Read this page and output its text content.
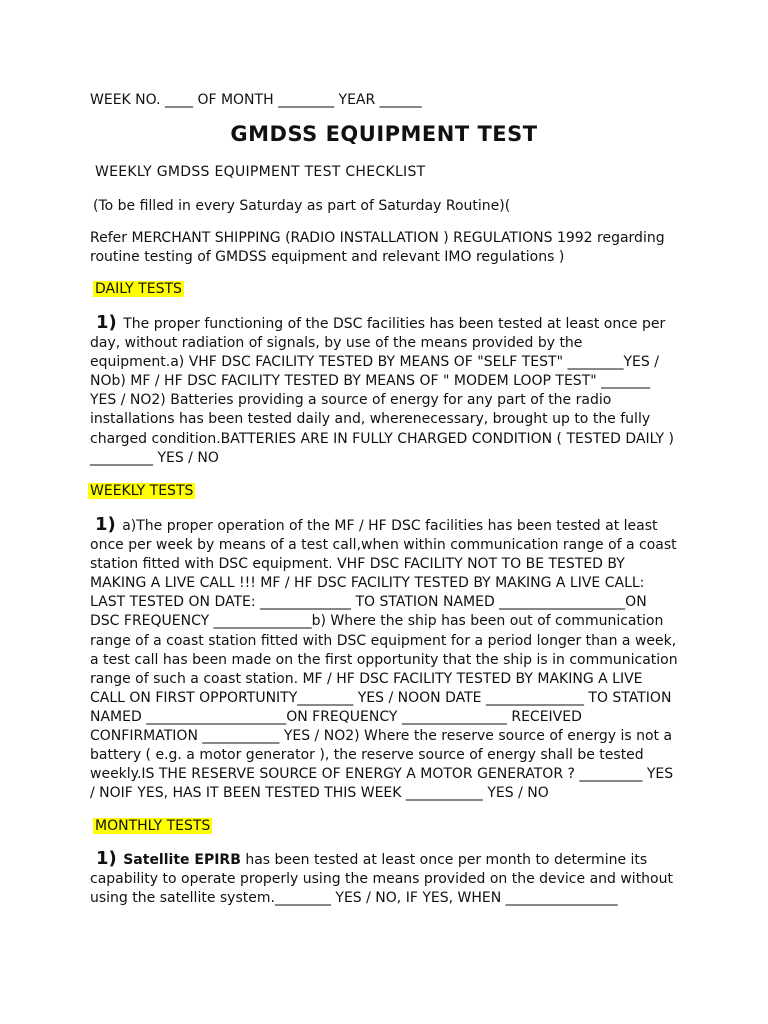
WEEK NO. ____ OF MONTH ________ YEAR ______
GMDSS EQUIPMENT TEST
WEEKLY GMDSS EQUIPMENT TEST CHECKLIST
(To be filled in every Saturday as part of Saturday Routine)(
Refer MERCHANT SHIPPING (RADIO INSTALLATION ) REGULATIONS 1992 regarding
routine testing of GMDSS equipment and relevant IMO regulations )
DAILY TESTS
1) The proper functioning of the DSC facilities has been tested at least once per day, without radiation of signals, by use of the means provided by the equipment.a) VHF DSC FACILITY TESTED BY MEANS OF "SELF TEST" ________YES / NOb) MF / HF DSC FACILITY TESTED BY MEANS OF " MODEM LOOP TEST" _______ YES / NO2) Batteries providing a source of energy for any part of the radio installations has been tested daily and, wherenecessary, brought up to the fully charged condition.BATTERIES ARE IN FULLY CHARGED CONDITION ( TESTED DAILY ) _________ YES / NO
WEEKLY TESTS
1) a)The proper operation of the MF / HF DSC facilities has been tested at least once per week by means of a test call,when within communication range of a coast station fitted with DSC equipment. VHF DSC FACILITY NOT TO BE TESTED BY MAKING A LIVE CALL !!! MF / HF DSC FACILITY TESTED BY MAKING A LIVE CALL: LAST TESTED ON DATE: _____________ TO STATION NAMED __________________ON DSC FREQUENCY ______________b) Where the ship has been out of communication range of a coast station fitted with DSC equipment for a period longer than a week, a test call has been made on the first opportunity that the ship is in communication range of such a coast station. MF / HF DSC FACILITY TESTED BY MAKING A LIVE CALL ON FIRST OPPORTUNITY________ YES / NOON DATE ______________ TO STATION NAMED ____________________ON FREQUENCY _______________ RECEIVED CONFIRMATION ___________ YES / NO2) Where the reserve source of energy is not a battery ( e.g. a motor generator ), the reserve source of energy shall be tested weekly.IS THE RESERVE SOURCE OF ENERGY A MOTOR GENERATOR ? _________ YES / NOIF YES, HAS IT BEEN TESTED THIS WEEK ___________ YES / NO
MONTHLY TESTS
1) Satellite EPIRB has been tested at least once per month to determine its capability to operate properly using the means provided on the device and without using the satellite system.________ YES / NO, IF YES, WHEN ________________
